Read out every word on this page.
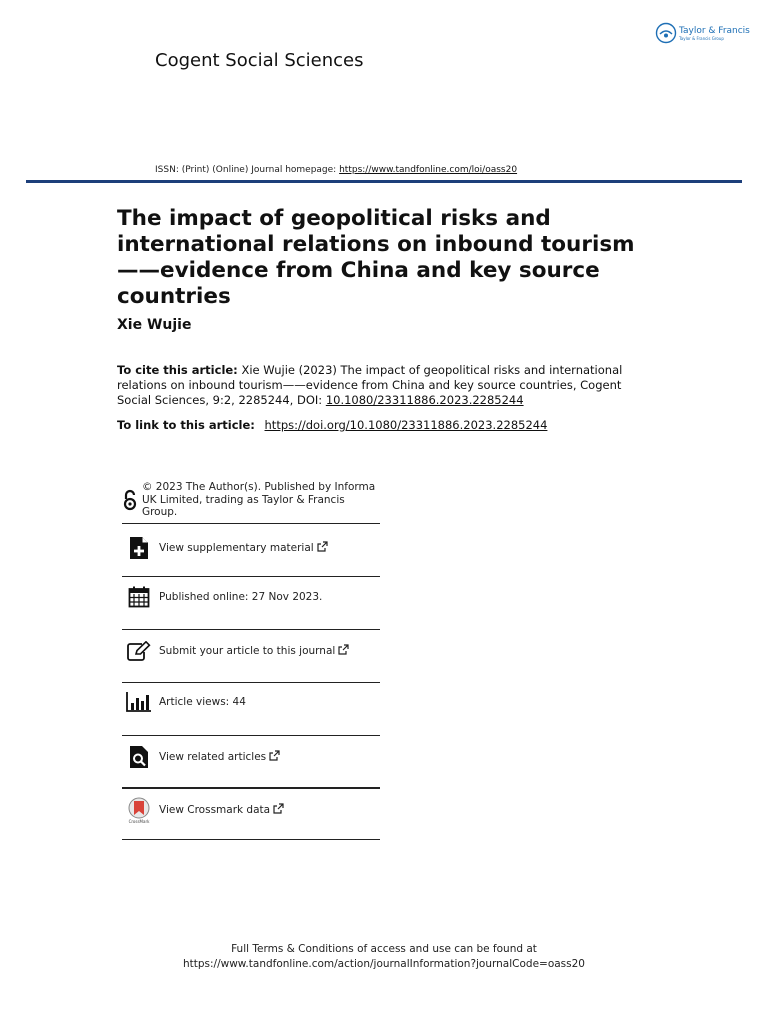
Taylor & Francis
Taylor & Francis Group
Cogent Social Sciences
ISSN: (Print) (Online) Journal homepage: https://www.tandfonline.com/loi/oass20
The impact of geopolitical risks and international relations on inbound tourism——evidence from China and key source countries
Xie Wujie
To cite this article: Xie Wujie (2023) The impact of geopolitical risks and international relations on inbound tourism——evidence from China and key source countries, Cogent Social Sciences, 9:2, 2285244, DOI: 10.1080/23311886.2023.2285244
To link to this article: https://doi.org/10.1080/23311886.2023.2285244
© 2023 The Author(s). Published by Informa UK Limited, trading as Taylor & Francis Group.
View supplementary material
Published online: 27 Nov 2023.
Submit your article to this journal
Article views: 44
View related articles
CrossMark
View Crossmark data
Full Terms & Conditions of access and use can be found at
https://www.tandfonline.com/action/journalInformation?journalCode=oass20
